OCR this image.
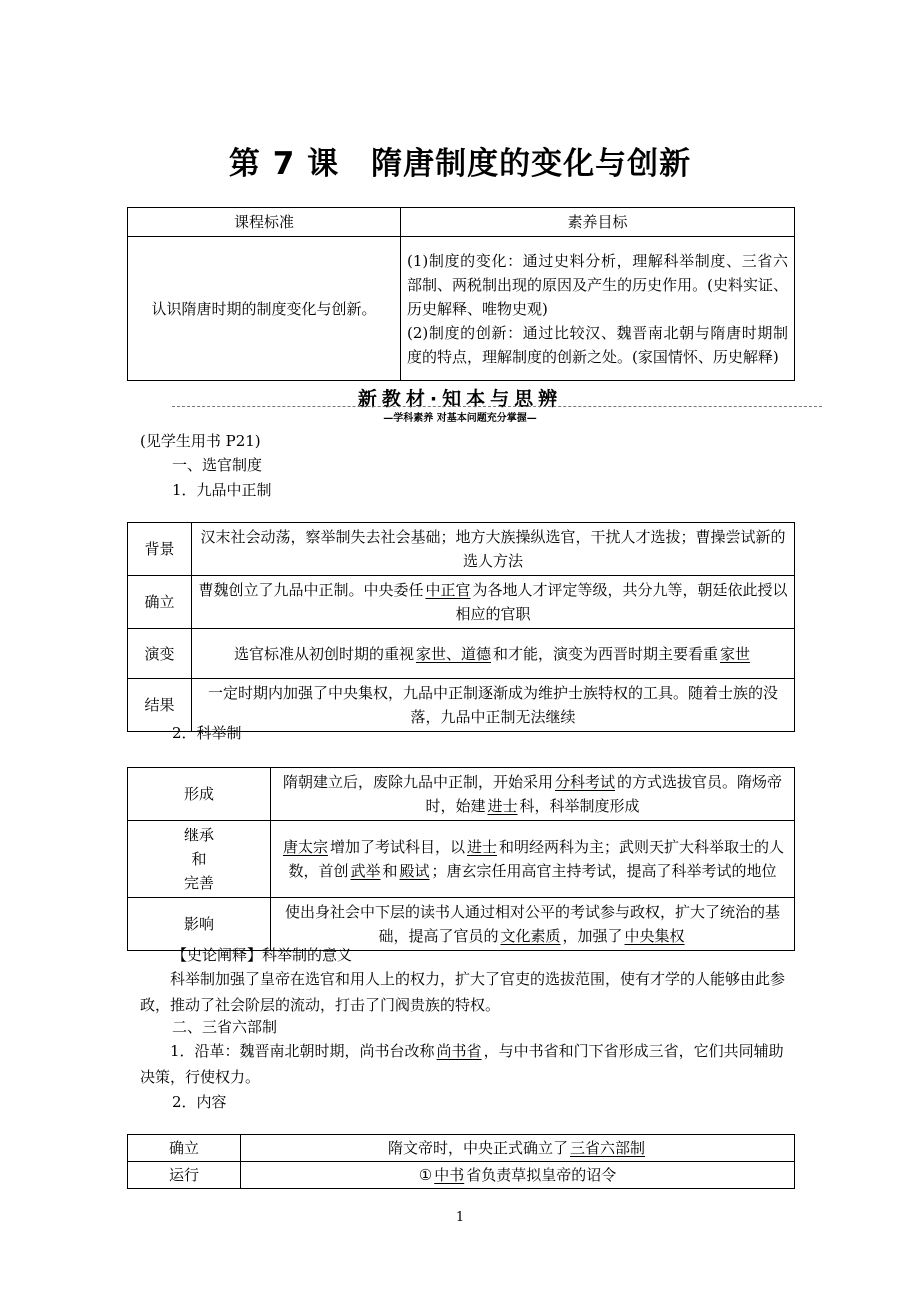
第 7 课　隋唐制度的变化与创新
课程标准	素养目标
认识隋唐时期的制度变化与创新。	(1)制度的变化：通过史料分析，理解科举制度、三省六部制、两税制出现的原因及产生的历史作用。(史料实证、历史解释、唯物史观)
(2)制度的创新：通过比较汉、魏晋南北朝与隋唐时期制度的特点，理解制度的创新之处。(家国情怀、历史解释)
新教材·知本与思辨
—学科素养 对基本问题充分掌握—
(见学生用书 P21)
一、选官制度
1．九品中正制
背景	汉末社会动荡，察举制失去社会基础；地方大族操纵选官，干扰人才选拔；曹操尝试新的选人方法
确立	曹魏创立了九品中正制。中央委任 中正官 为各地人才评定等级，共分九等，朝廷依此授以相应的官职
演变	选官标准从初创时期的重视 家世、道德 和才能，演变为西晋时期主要看重 家世
结果	一定时期内加强了中央集权，九品中正制逐渐成为维护士族特权的工具。随着士族的没落，九品中正制无法继续
2．科举制
形成	隋朝建立后，废除九品中正制，开始采用 分科考试 的方式选拔官员。隋炀帝时，始建 进士 科，科举制度形成

继承
和
完善	唐太宗 增加了考试科目，以 进士 和明经两科为主；武则天扩大科举取士的人数，首创 武举 和 殿试 ；唐玄宗任用高官主持考试，提高了科举考试的地位
影响	使出身社会中下层的读书人通过相对公平的考试参与政权，扩大了统治的基础，提高了官员的 文化素质 ，加强了 中央集权
【史论阐释】科举制的意义
科举制加强了皇帝在选官和用人上的权力，扩大了官吏的选拔范围，使有才学的人能够由此参政，推动了社会阶层的流动，打击了门阀贵族的特权。
二、三省六部制
1．沿革：魏晋南北朝时期，尚书台改称 尚书省 ，与中书省和门下省形成三省，它们共同辅助决策，行使权力。
2．内容
确立	隋文帝时，中央正式确立了 三省六部制
运行	① 中书 省负责草拟皇帝的诏令
1
